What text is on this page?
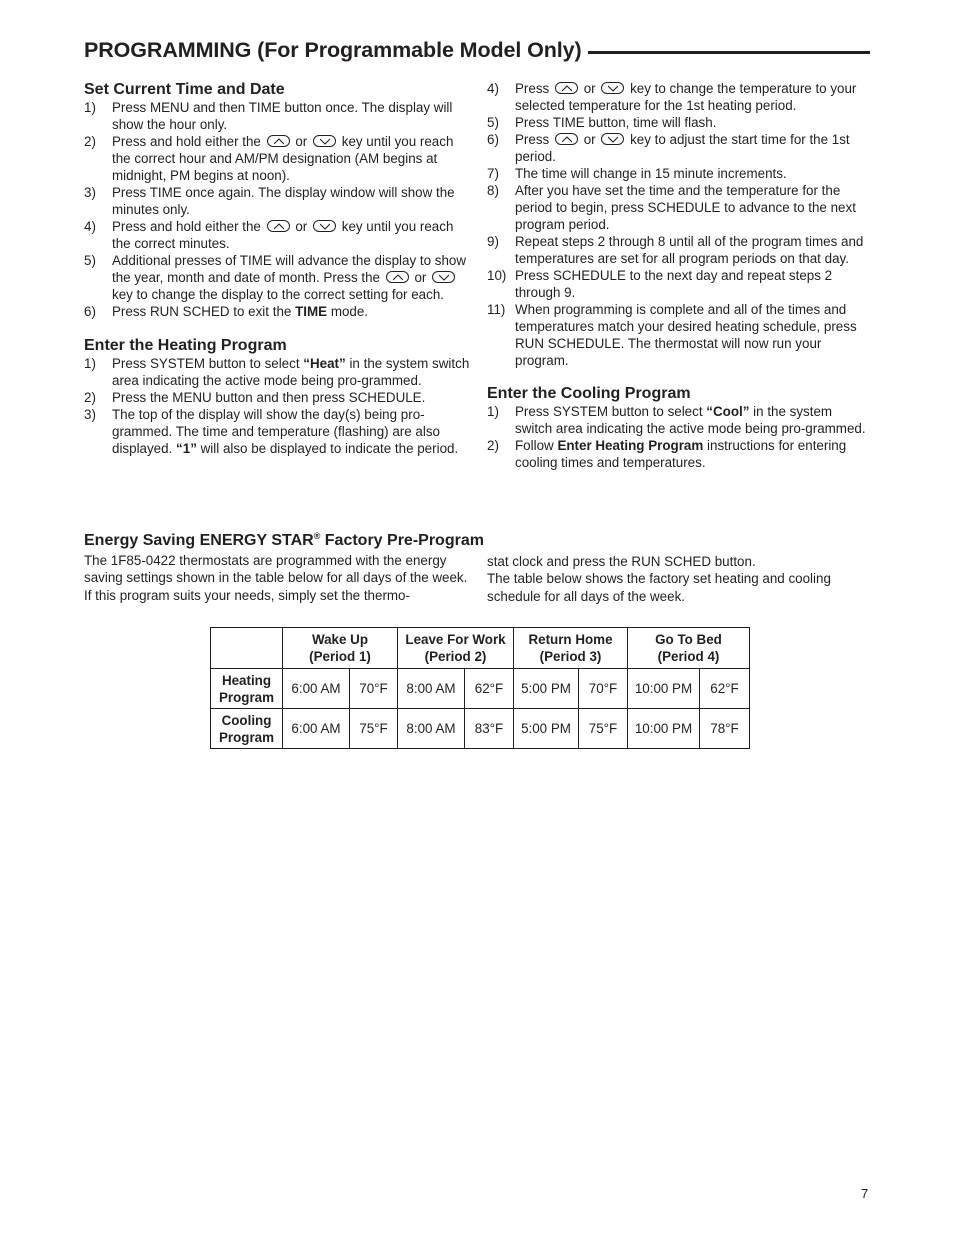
PROGRAMMING (For Programmable Model Only)
Set Current Time and Date
1)	Press MENU and then TIME button once. The display will show the hour only.
2)	Press and hold either the	or	key until you reach the correct hour and AM/PM designation (AM begins at midnight, PM begins at noon).
3)	Press TIME once again. The display window will show the minutes only.
4)	Press and hold either the	or	key until you reach the correct minutes.
5)	Additional presses of TIME will advance the display to show the year, month and date of month. Press the	or
key to change the display to the correct setting for each.
6)	Press RUN SCHED to exit the TIME mode.
Enter the Heating Program
1)	Press SYSTEM button to select “Heat” in the system switch area indicating the active mode being pro-grammed.
2)	Press the MENU button and then press SCHEDULE.
3)	The top of the display will show the day(s) being pro-grammed. The time and temperature (flashing) are also displayed. “1” will also be displayed to indicate the period.
4)	Press	or	key to change the temperature to your selected temperature for the 1st heating period.
5)	Press TIME button, time will flash.
6)	Press	or	key to adjust the start time for the 1st period.
7)	The time will change in 15 minute increments.
8)	After you have set the time and the temperature for the period to begin, press SCHEDULE to advance to the next program period.
9)	Repeat steps 2 through 8 until all of the program times and temperatures are set for all program periods on that day.
10) Press SCHEDULE to the next day and repeat steps 2 through 9.
11) When programming is complete and all of the times and temperatures match your desired heating schedule, press RUN SCHEDULE. The thermostat will now run your program.
Enter the Cooling Program
1)	Press SYSTEM button to select “Cool” in the system switch area indicating the active mode being pro-grammed.
2)	Follow Enter Heating Program instructions for entering cooling times and temperatures.
Energy Saving ENERGY STAR® Factory Pre-Program

The 1F85-0422 thermostats are programmed with the energy saving settings shown in the table below for all days of the week. If this program suits your needs, simply set the thermo-

stat clock and press the RUN SCHED button.
The table below shows the factory set heating and cooling schedule for all days of the week.

	Wake Up
(Period 1)		Leave For Work
(Period 2)		Return Home
(Period 3)		Go To Bed
(Period 4)	
Heating
Program	6:00 AM	70°F	8:00 AM	62°F	5:00 PM	70°F	10:00 PM	62°F
Cooling
Program	6:00 AM	75°F	8:00 AM	83°F	5:00 PM	75°F	10:00 PM	78°F
7
